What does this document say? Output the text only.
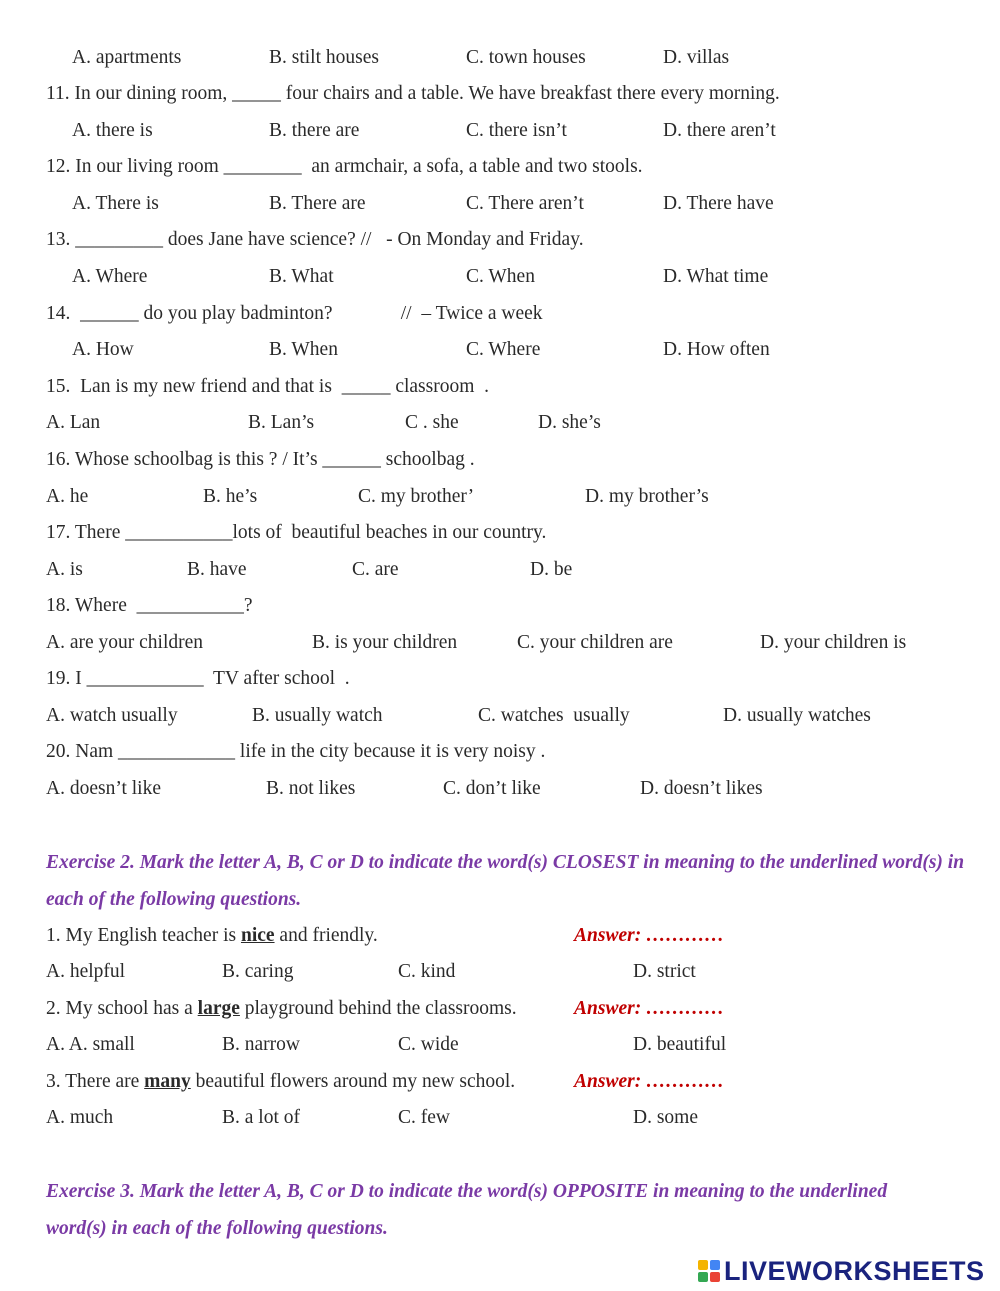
A. apartments	B. stilt houses	C. town houses	D. villas
11. In our dining room, _____ four chairs and a table. We have breakfast there every morning.
A. there is	B. there are	C. there isn’t	D. there aren’t
12. In our living room ________  an armchair, a sofa, a table and two stools.
A. There is	B. There are	C. There aren’t	D. There have
13. _________ does Jane have science? //   - On Monday and Friday.
A. Where	B. What	C. When	D. What time
14.  ______ do you play badminton?              //  – Twice a week
A. How	B. When	C. Where	D. How often
15.  Lan is my new friend and that is  _____ classroom  .
A. Lan	B. Lan’s	C . she	D. she’s
16. Whose schoolbag is this ? / It’s ______ schoolbag .
A. he	B. he’s	C. my brother’	D. my brother’s
17. There ___________lots of  beautiful beaches in our country.
A. is	B. have	C. are	D. be
18. Where  ___________?
A. are your children	B. is your children	C. your children are	D. your children is
19. I ____________  TV after school  .
A. watch usually	B. usually watch	C. watches  usually	D. usually watches
20. Nam ____________ life in the city because it is very noisy .
A. doesn’t like	B. not likes	C. don’t like	D. doesn’t likes
Exercise 2. Mark the letter A, B, C or D to indicate the word(s) CLOSEST in meaning to the underlined word(s) in each of the following questions.
1. My English teacher is nice and friendly.	Answer: …………
A. helpful	B. caring	C. kind	D. strict
2. My school has a large playground behind the classrooms.	Answer: …………
A. A. small	B. narrow	C. wide	D. beautiful
3. There are many beautiful flowers around my new school.	Answer: …………
A. much	B. a lot of	C. few	D. some
Exercise 3. Mark the letter A, B, C or D to indicate the word(s) OPPOSITE in meaning to the underlined word(s) in each of the following questions.
LIVEWORKSHEETS
